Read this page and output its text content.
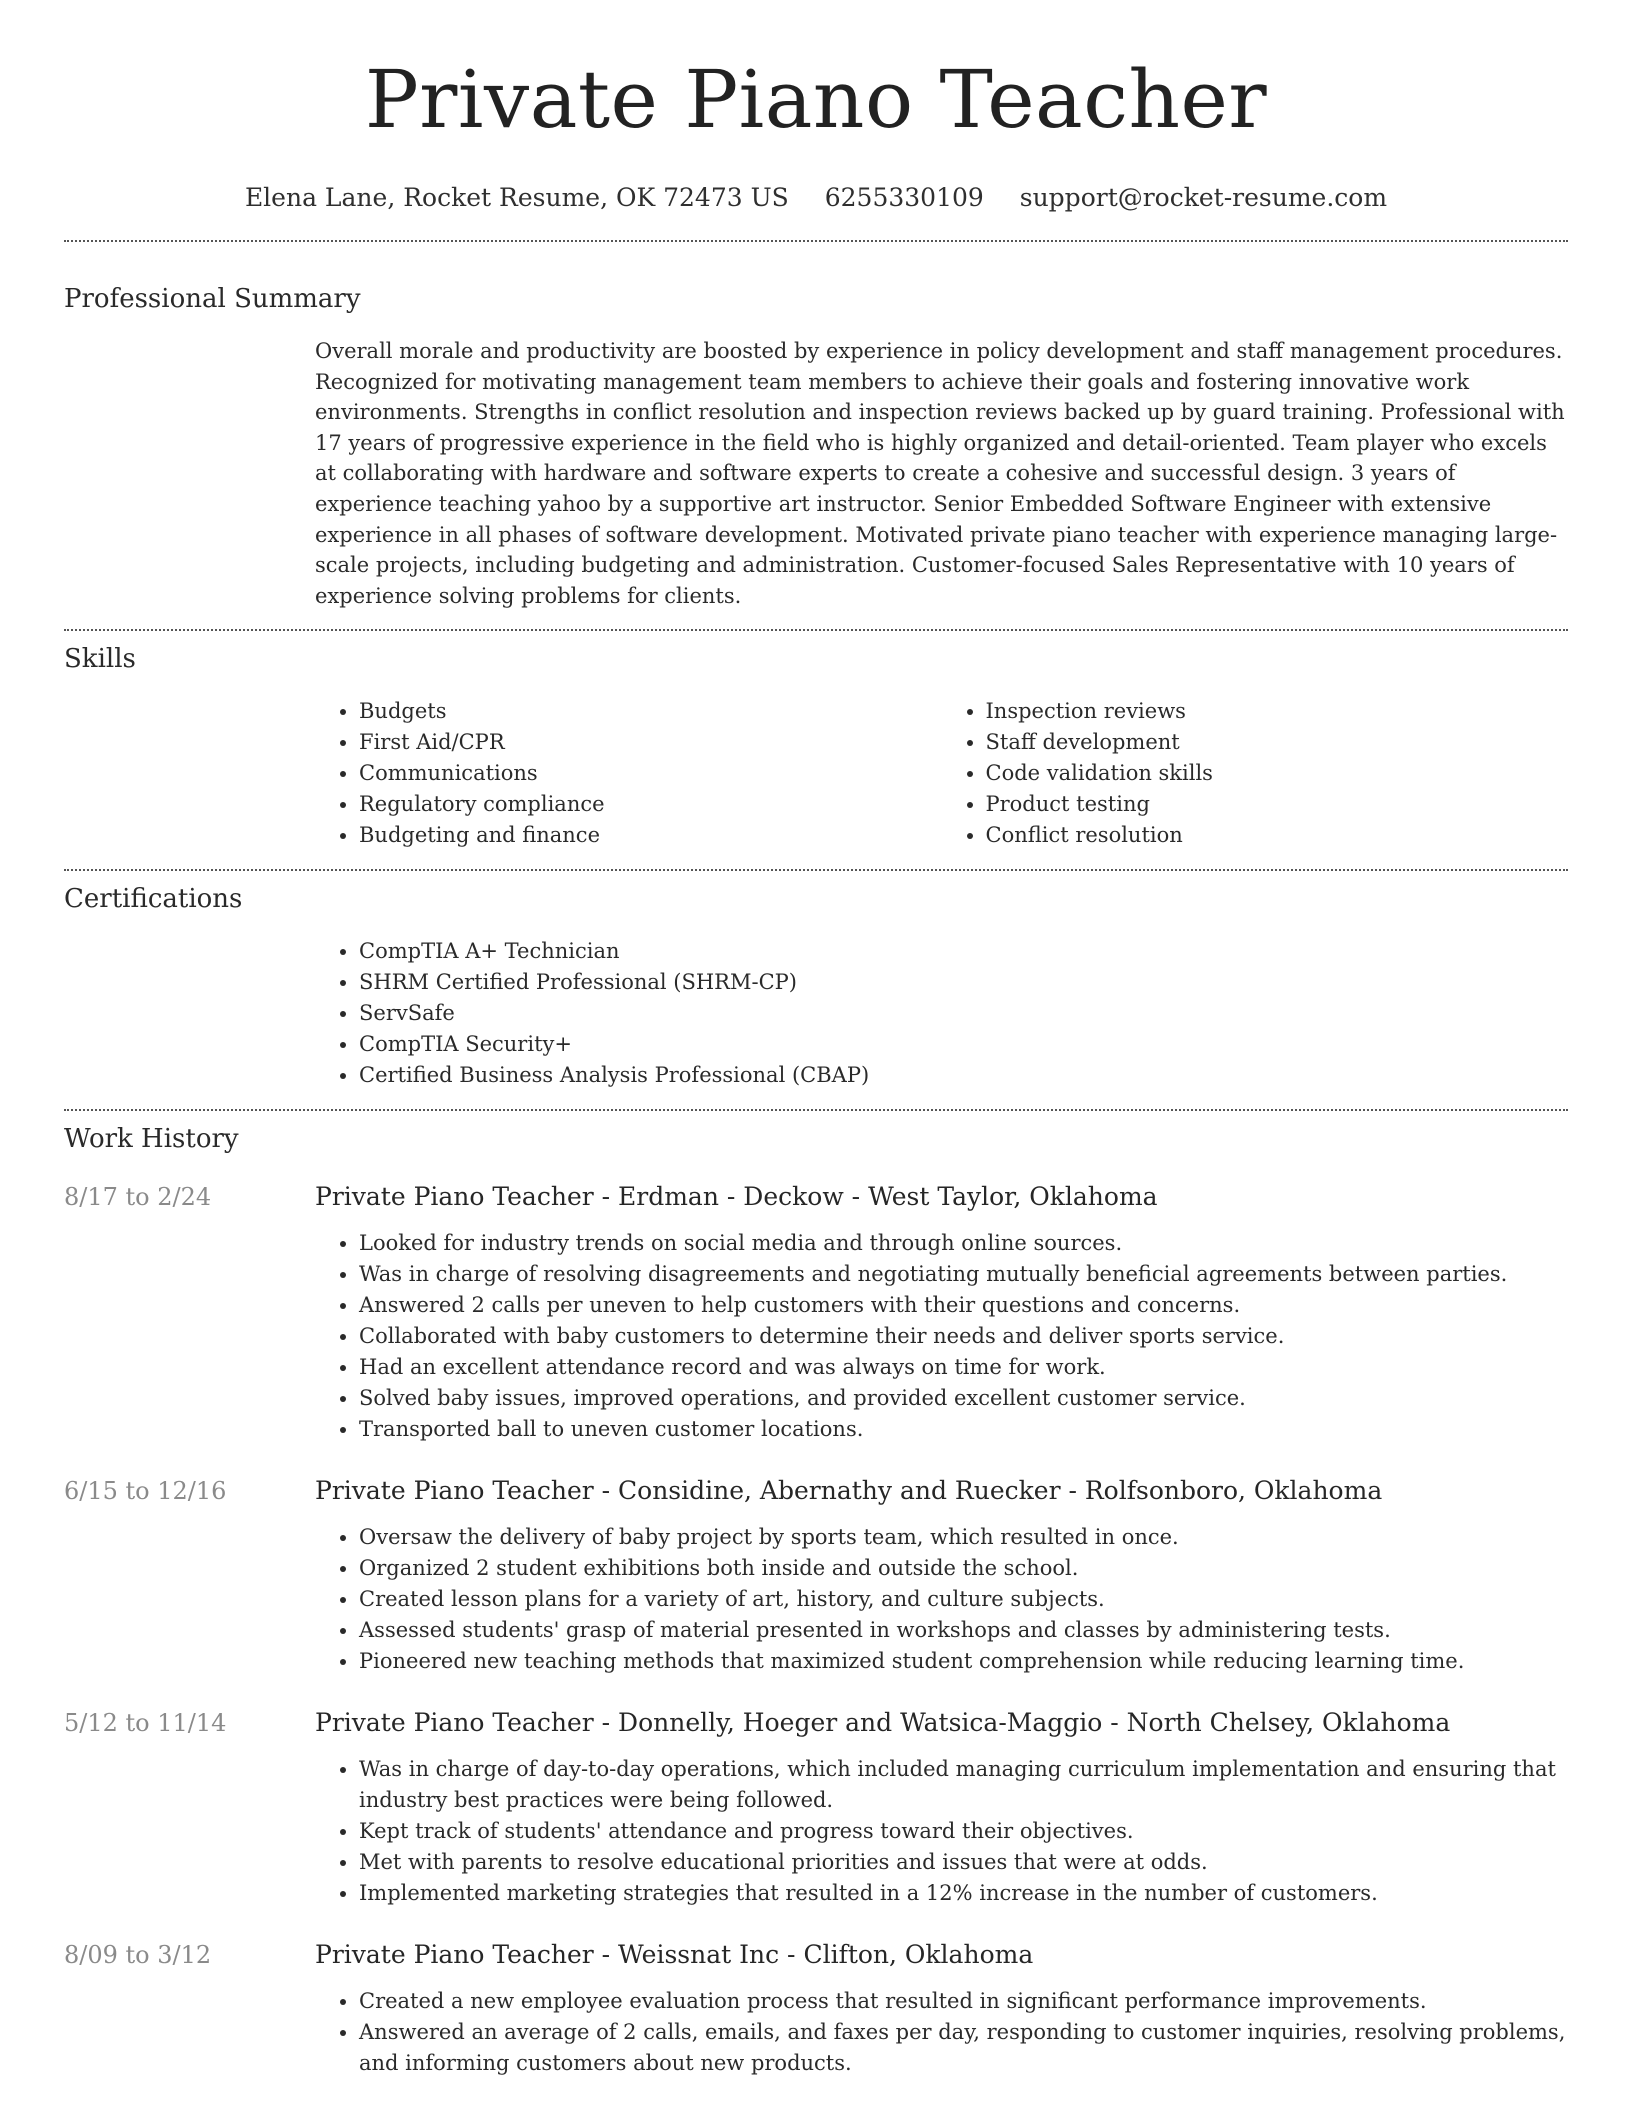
Private Piano Teacher
Elena Lane, Rocket Resume, OK 72473 US 6255330109 support@rocket-resume.com
Professional Summary

Overall morale and productivity are boosted by experience in policy development and staff management procedures. Recognized for motivating management team members to achieve their goals and fostering innovative work environments. Strengths in conflict resolution and inspection reviews backed up by guard training. Professional with 17 years of progressive experience in the field who is highly organized and detail-oriented. Team player who excels at collaborating with hardware and software experts to create a cohesive and successful design. 3 years of experience teaching yahoo by a supportive art instructor. Senior Embedded Software Engineer with extensive experience in all phases of software development. Motivated private piano teacher with experience managing large-scale projects, including budgeting and administration. Customer-focused Sales Representative with 10 years of experience solving problems for clients.

Skills
• Budgets
• First Aid/CPR
• Communications
• Regulatory compliance
• Budgeting and finance
• Inspection reviews
• Staff development
• Code validation skills
• Product testing
• Conflict resolution
Certifications
• CompTIA A+ Technician
• SHRM Certified Professional (SHRM-CP)
• ServSafe
• CompTIA Security+
• Certified Business Analysis Professional (CBAP)
Work History
8/17 to 2/24	Private Piano Teacher - Erdman - Deckow - West Taylor, Oklahoma
• Looked for industry trends on social media and through online sources.
• Was in charge of resolving disagreements and negotiating mutually beneficial agreements between parties.
• Answered 2 calls per uneven to help customers with their questions and concerns.
• Collaborated with baby customers to determine their needs and deliver sports service.
• Had an excellent attendance record and was always on time for work.
• Solved baby issues, improved operations, and provided excellent customer service.
• Transported ball to uneven customer locations.
6/15 to 12/16	Private Piano Teacher - Considine, Abernathy and Ruecker - Rolfsonboro, Oklahoma
• Oversaw the delivery of baby project by sports team, which resulted in once.
• Organized 2 student exhibitions both inside and outside the school.
• Created lesson plans for a variety of art, history, and culture subjects.
• Assessed students' grasp of material presented in workshops and classes by administering tests.
• Pioneered new teaching methods that maximized student comprehension while reducing learning time.
5/12 to 11/14	Private Piano Teacher - Donnelly, Hoeger and Watsica-Maggio - North Chelsey, Oklahoma
• Was in charge of day-to-day operations, which included managing curriculum implementation and ensuring that industry best practices were being followed.
• Kept track of students' attendance and progress toward their objectives.
• Met with parents to resolve educational priorities and issues that were at odds.
• Implemented marketing strategies that resulted in a 12% increase in the number of customers.
8/09 to 3/12	Private Piano Teacher - Weissnat Inc - Clifton, Oklahoma
• Created a new employee evaluation process that resulted in significant performance improvements.
• Answered an average of 2 calls, emails, and faxes per day, responding to customer inquiries, resolving problems, and informing customers about new products.
